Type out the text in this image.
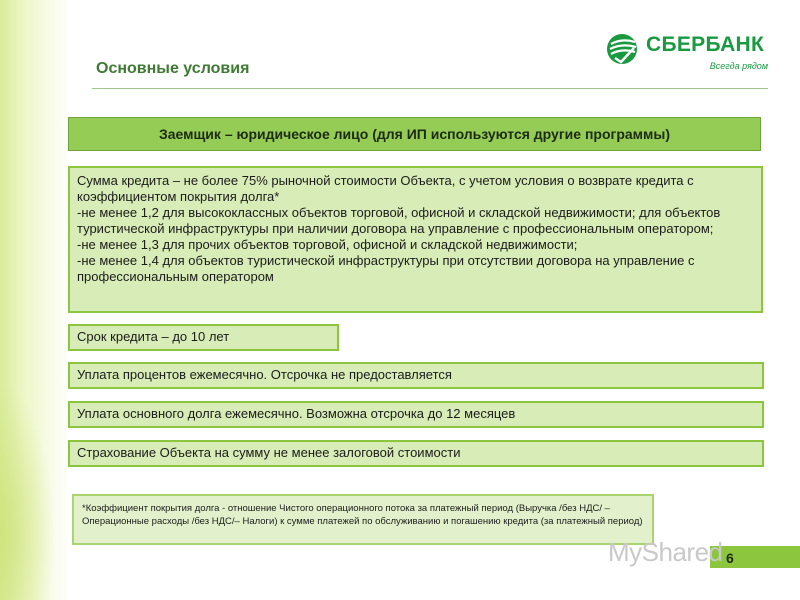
Основные условия
СБЕРБАНК
Всегда рядом
Заемщик – юридическое лицо (для ИП используются другие программы)

Сумма кредита – не более 75% рыночной стоимости Объекта, с учетом условия о возврате кредита с коэффициентом покрытия долга*

-не менее 1,2 для высококлассных объектов торговой, офисной и складской недвижимости; для объектов туристической инфраструктуры при наличии договора на управление с профессиональным оператором;

-не менее 1,3 для прочих объектов торговой, офисной и складской недвижимости;

-не менее 1,4 для объектов туристической инфраструктуры при отсутствии договора на управление с профессиональным оператором

Срок кредита – до 10 лет
Уплата процентов ежемесячно. Отсрочка не предоставляется
Уплата основного долга ежемесячно. Возможна отсрочка до 12 месяцев
Страхование Объекта на сумму не менее залоговой стоимости
*Коэффициент покрытия долга - отношение Чистого операционного потока за платежный период (Выручка /без НДС/ – Операционные расходы /без НДС/– Налоги) к сумме платежей по обслуживанию и погашению кредита (за платежный период)
MyShared 6
